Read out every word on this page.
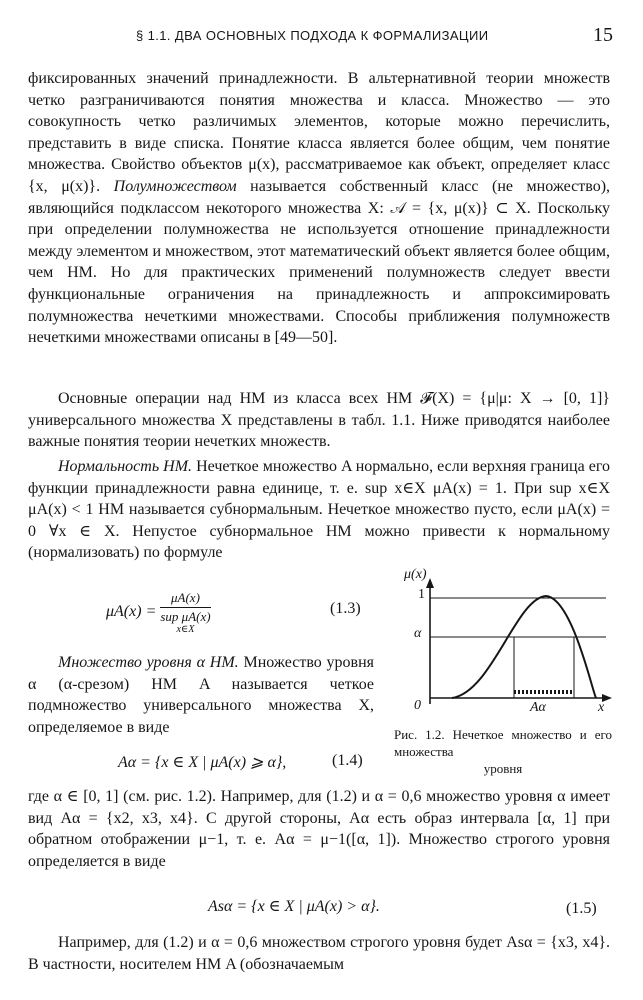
§ 1.1. ДВА ОСНОВНЫХ ПОДХОДА К ФОРМАЛИЗАЦИИ	15
фиксированных значений принадлежности. В альтернативной теории множеств четко разграничиваются понятия множества и класса. Множество — это совокупность четко различимых элементов, которые можно перечислить, представить в виде списка. Понятие класса является более общим, чем понятие множества. Свойство объектов μ(x), рассматриваемое как объект, определяет класс {x, μ(x)}. Полумножеством называется собственный класс (не множество), являющийся подклассом некоторого множества X: 𝒜 = {x, μ(x)} ⊂ X. Поскольку при определении полумножества не используется отношение принадлежности между элементом и множеством, этот математический объект является более общим, чем НМ. Но для практических применений полумножеств следует ввести функциональные ограничения на принадлежность и аппроксимировать полумножества нечеткими множествами. Способы приближения полумножеств нечеткими множествами описаны в [49—50].
Основные операции над НМ из класса всех НМ 𝓕(X) = {μ|μ: X → [0, 1]} универсального множества X представлены в табл. 1.1. Ниже приводятся наиболее важные понятия теории нечетких множеств.
Нормальность НМ. Нечеткое множество A нормально, если верхняя граница его функции принадлежности равна единице, т. е. sup x∈X μA(x) = 1. При sup x∈X μA(x) < 1 НМ называется субнормальным. Нечеткое множество пусто, если μA(x) = 0 ∀x ∈ X. Непустое субнормальное НМ можно привести к нормальному (нормализовать) по формуле
μA(x) = μA(x)
sup μA(x)
x∈X	(1.3)
Множество уровня α НМ. Множество уровня α (α-срезом) НМ A называется четкое подмножество универсального множества X, определяемое в виде
Aα = {x ∈ X | μA(x) ⩾ α},	(1.4)
μ(x)
1
α
0	Aα	x
Рис. 1.2. Нечеткое множество и его множества
уровня
где α ∈ [0, 1] (см. рис. 1.2). Например, для (1.2) и α = 0,6 множество уровня α имеет вид Aα = {x2, x3, x4}. С другой стороны, Aα есть образ интервала [α, 1] при обратном отображении μ−1, т. е. Aα = μ−1([α, 1]). Множество строгого уровня определяется в виде
Asα = {x ∈ X | μA(x) > α}.	(1.5)
Например, для (1.2) и α = 0,6 множеством строгого уровня будет Asα = {x3, x4}. В частности, носителем НМ A (обозначаемым
